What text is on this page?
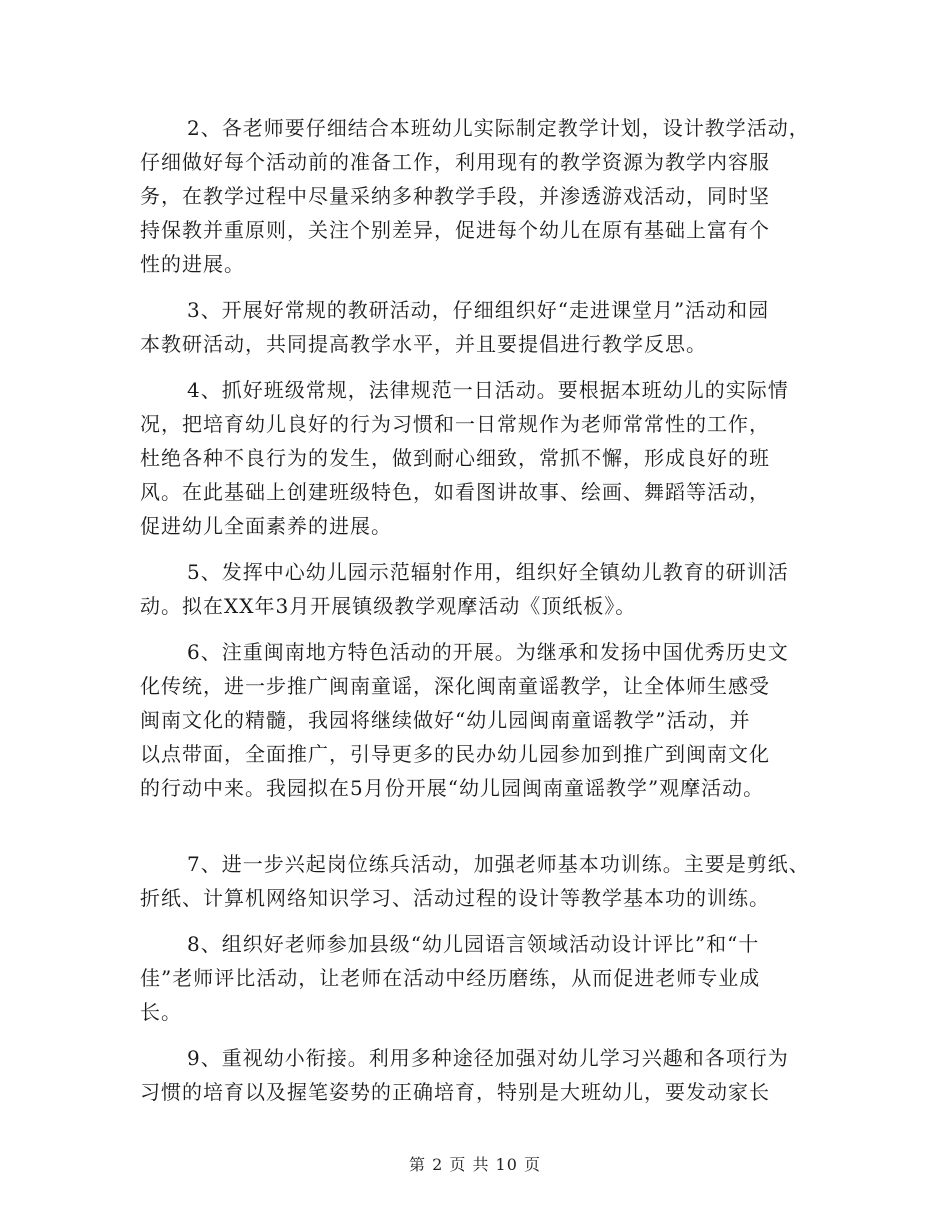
2、各老师要仔细结合本班幼儿实际制定教学计划，设计教学活动，
仔细做好每个活动前的准备工作，利用现有的教学资源为教学内容服
务，在教学过程中尽量采纳多种教学手段，并渗透游戏活动，同时坚
持保教并重原则，关注个别差异，促进每个幼儿在原有基础上富有个
性的进展。
3、开展好常规的教研活动，仔细组织好“走进课堂月”活动和园
本教研活动，共同提高教学水平，并且要提倡进行教学反思。
4、抓好班级常规，法律规范一日活动。要根据本班幼儿的实际情
况，把培育幼儿良好的行为习惯和一日常规作为老师常常性的工作，
杜绝各种不良行为的发生，做到耐心细致，常抓不懈，形成良好的班
风。在此基础上创建班级特色，如看图讲故事、绘画、舞蹈等活动，
促进幼儿全面素养的进展。
5、发挥中心幼儿园示范辐射作用，组织好全镇幼儿教育的研训活
动。拟在XX年3月开展镇级教学观摩活动《顶纸板》。
6、注重闽南地方特色活动的开展。为继承和发扬中国优秀历史文
化传统，进一步推广闽南童谣，深化闽南童谣教学，让全体师生感受
闽南文化的精髓，我园将继续做好“幼儿园闽南童谣教学”活动，并
以点带面，全面推广，引导更多的民办幼儿园参加到推广到闽南文化
的行动中来。我园拟在5月份开展“幼儿园闽南童谣教学”观摩活动。
7、进一步兴起岗位练兵活动，加强老师基本功训练。主要是剪纸、
折纸、计算机网络知识学习、活动过程的设计等教学基本功的训练。
8、组织好老师参加县级“幼儿园语言领域活动设计评比”和“十
佳”老师评比活动，让老师在活动中经历磨练，从而促进老师专业成
长。
9、重视幼小衔接。利用多种途径加强对幼儿学习兴趣和各项行为
习惯的培育以及握笔姿势的正确培育，特别是大班幼儿，要发动家长
第 2 页 共 10 页
